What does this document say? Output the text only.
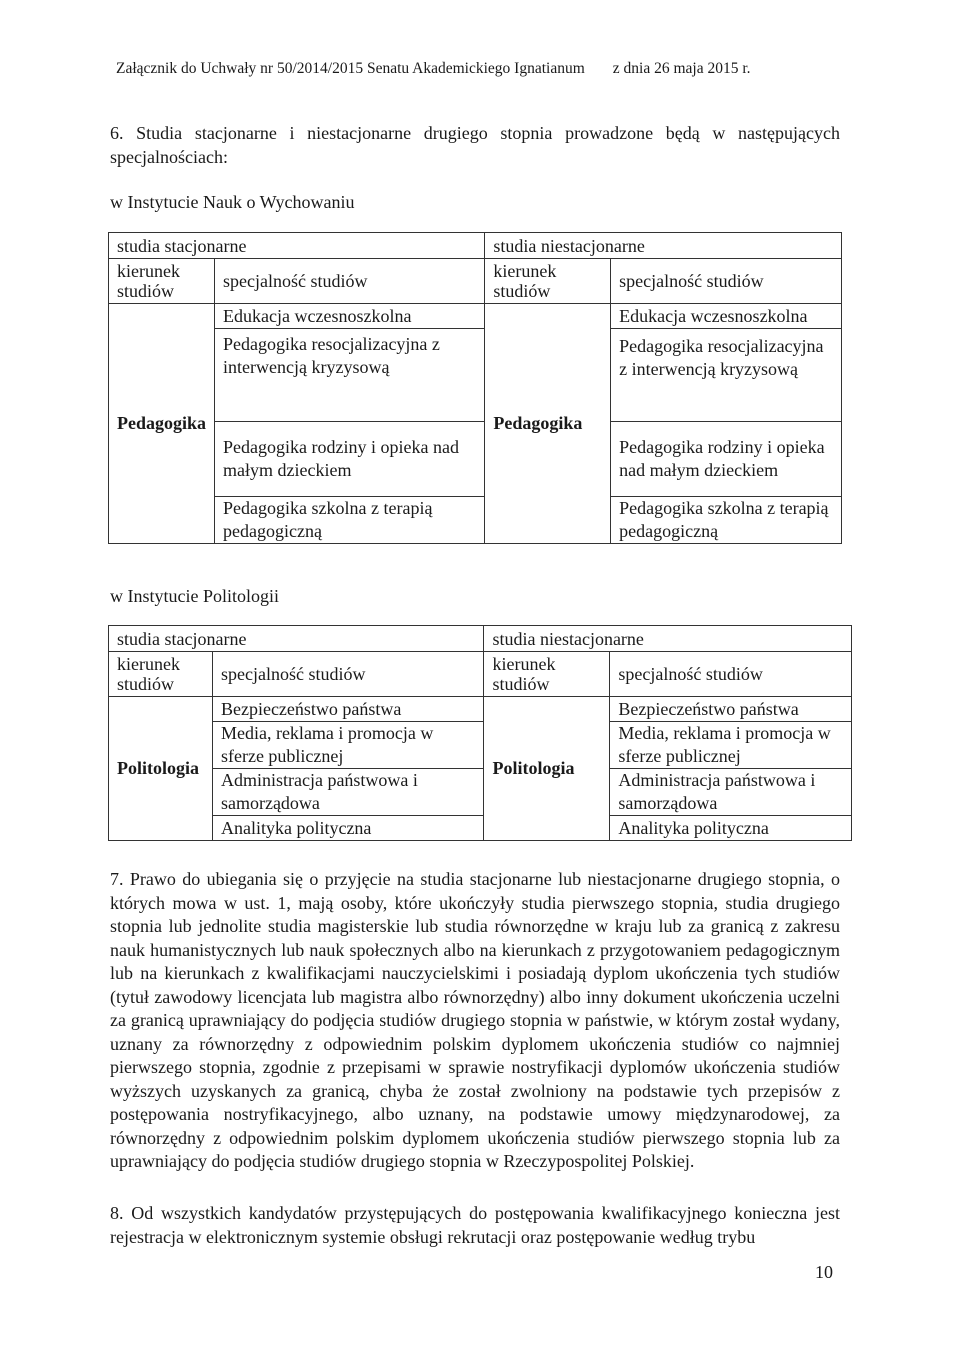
Załącznik do Uchwały nr 50/2014/2015 Senatu Akademickiego Ignatianum z dnia 26 maja 2015 r.
6. Studia stacjonarne i niestacjonarne drugiego stopnia prowadzone będą w następujących specjalnościach:
w Instytucie Nauk o Wychowaniu
studia stacjonarne		studia niestacjonarne	
kierunek studiów	specjalność studiów	kierunek studiów	specjalność studiów
Pedagogika	Edukacja wczesnoszkolna	Pedagogika	Edukacja wczesnoszkolna
	Pedagogika resocjalizacyjna z interwencją kryzysową		Pedagogika resocjalizacyjna z interwencją kryzysową
	Pedagogika rodziny i opieka nad małym dzieckiem		Pedagogika rodziny i opieka nad małym dzieckiem
	Pedagogika szkolna z terapią pedagogiczną		Pedagogika szkolna z terapią pedagogiczną
w Instytucie Politologii
studia stacjonarne		studia niestacjonarne	
kierunek studiów	specjalność studiów	kierunek studiów	specjalność studiów
Politologia	Bezpieczeństwo państwa	Politologia	Bezpieczeństwo państwa
	Media, reklama i promocja w sferze publicznej		Media, reklama i promocja w sferze publicznej
	Administracja państwowa i samorządowa		Administracja państwowa i samorządowa
	Analityka polityczna		Analityka polityczna
7. Prawo do ubiegania się o przyjęcie na studia stacjonarne lub niestacjonarne drugiego stopnia, o których mowa w ust. 1, mają osoby, które ukończyły studia pierwszego stopnia, studia drugiego stopnia lub jednolite studia magisterskie lub studia równorzędne w kraju lub za granicą z zakresu nauk humanistycznych lub nauk społecznych albo na kierunkach z przygotowaniem pedagogicznym lub na kierunkach z kwalifikacjami nauczycielskimi i posiadają dyplom ukończenia tych studiów (tytuł zawodowy licencjata lub magistra albo równorzędny) albo inny dokument ukończenia uczelni za granicą uprawniający do podjęcia studiów drugiego stopnia w państwie, w którym został wydany, uznany za równorzędny z odpowiednim polskim dyplomem ukończenia studiów co najmniej pierwszego stopnia, zgodnie z przepisami w sprawie nostryfikacji dyplomów ukończenia studiów wyższych uzyskanych za granicą, chyba że został zwolniony na podstawie tych przepisów z postępowania nostryfikacyjnego, albo uznany, na podstawie umowy międzynarodowej, za równorzędny z odpowiednim polskim dyplomem ukończenia studiów pierwszego stopnia lub za uprawniający do podjęcia studiów drugiego stopnia w Rzeczypospolitej Polskiej.
8. Od wszystkich kandydatów przystępujących do postępowania kwalifikacyjnego konieczna jest rejestracja w elektronicznym systemie obsługi rekrutacji oraz postępowanie według trybu
10
